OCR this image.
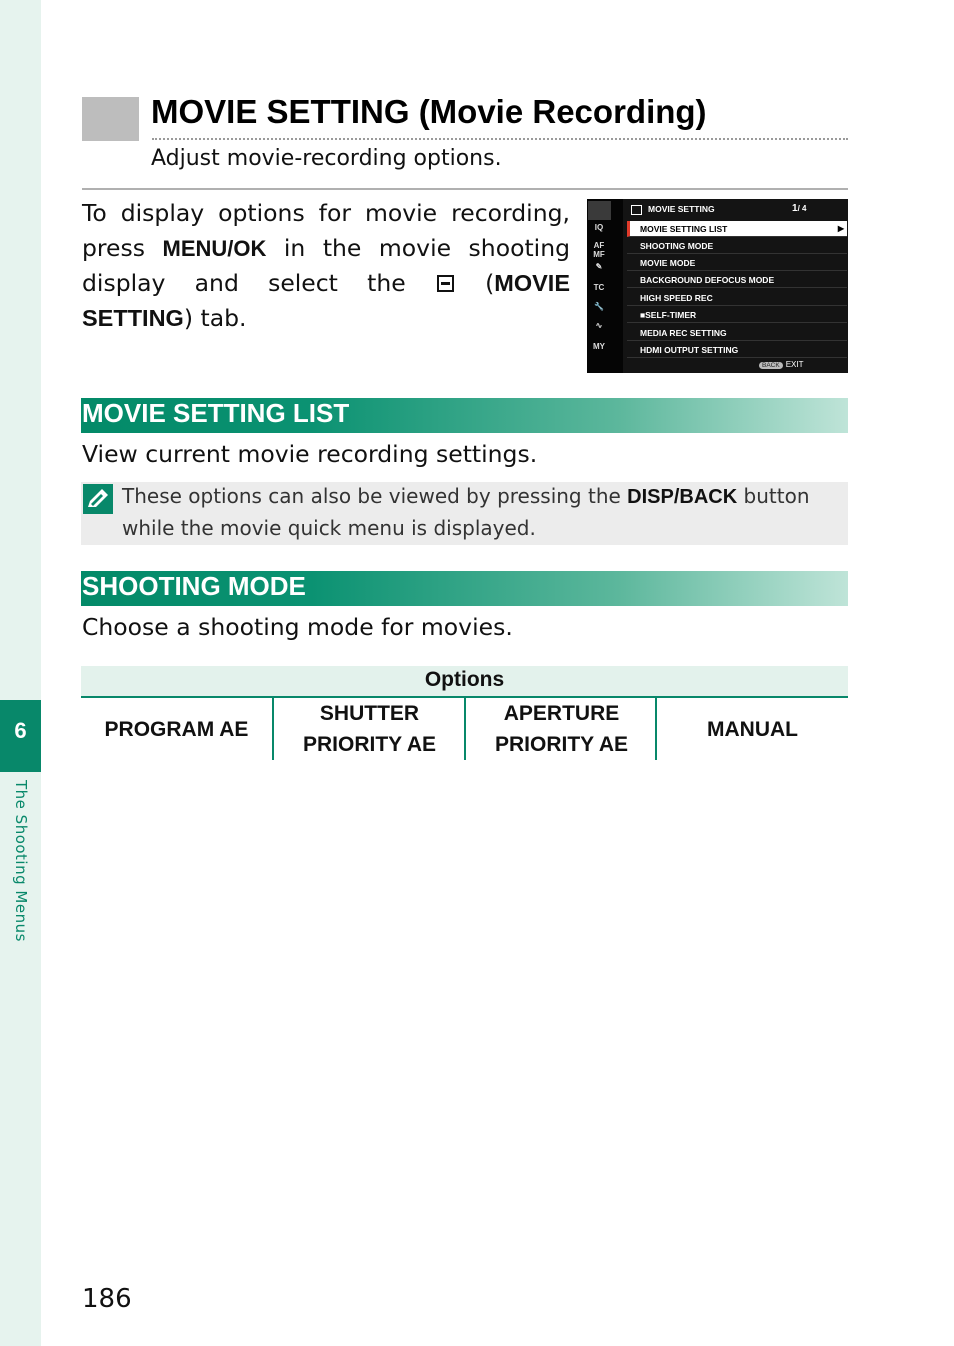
6
The Shooting Menus
MOVIE SETTING (Movie Recording)
Adjust movie-recording options.
To display options for movie recording, press MENU/OK in the movie shooting display and select the  (MOVIE SETTING) tab.
IQ
AF MF
✎
TC
🔧
∿
MY
MOVIE SETTING	1/ 4
MOVIE SETTING LIST	▶
SHOOTING MODE
MOVIE MODE
BACKGROUND DEFOCUS MODE
HIGH SPEED REC
■SELF-TIMER
MEDIA REC SETTING
HDMI OUTPUT SETTING
BACK EXIT
MOVIE SETTING LIST
View current movie recording settings.
These options can also be viewed by pressing the DISP/BACK button while the movie quick menu is displayed.
SHOOTING MODE
Choose a shooting mode for movies.
Options
PROGRAM AE
SHUTTER PRIORITY AE
APERTURE PRIORITY AE
MANUAL
186
